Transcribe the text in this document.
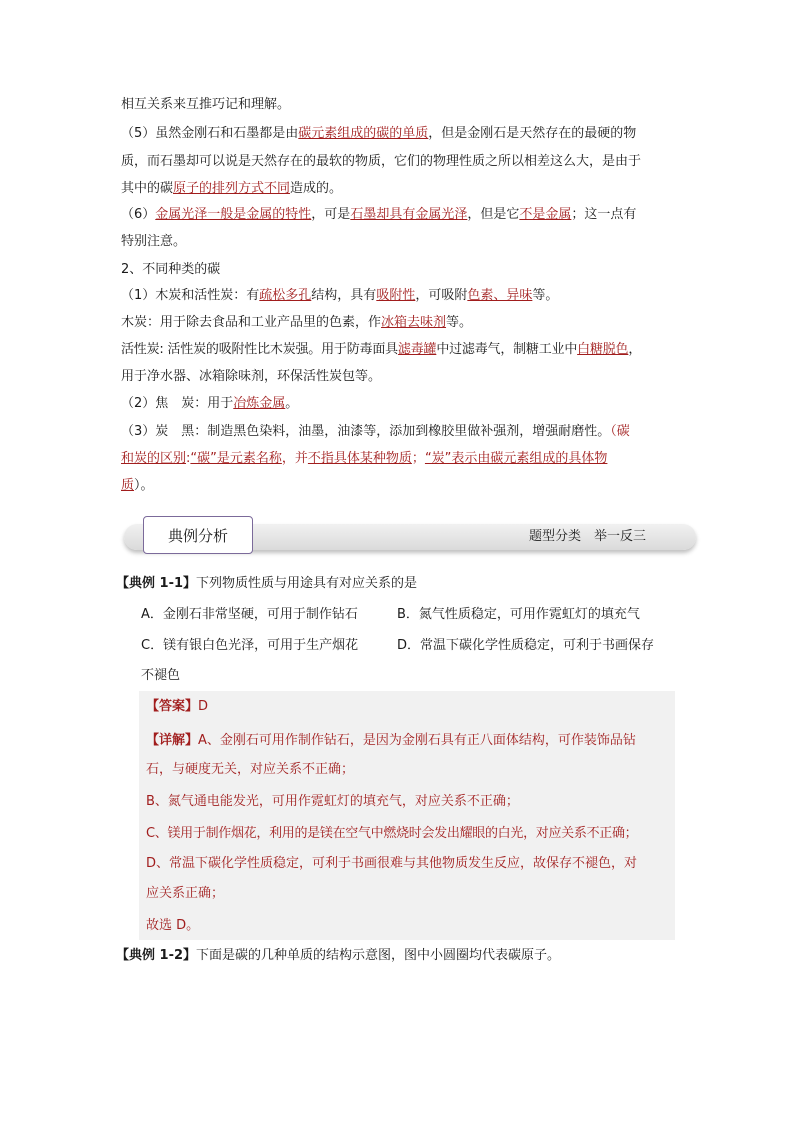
相互关系来互推巧记和理解。
（5）虽然金刚石和石墨都是由碳元素组成的碳的单质，但是金刚石是天然存在的最硬的物
质，而石墨却可以说是天然存在的最软的物质，它们的物理性质之所以相差这么大，是由于
其中的碳原子的排列方式不同造成的。
（6）金属光泽一般是金属的特性，可是石墨却具有金属光泽，但是它不是金属；这一点有
特别注意。
2、不同种类的碳
（1）木炭和活性炭：有疏松多孔结构，具有吸附性，可吸附色素、异味等。
木炭：用于除去食品和工业产品里的色素，作冰箱去味剂等。
活性炭: 活性炭的吸附性比木炭强。用于防毒面具滤毒罐中过滤毒气，制糖工业中白糖脱色，
用于净水器、冰箱除味剂，环保活性炭包等。
（2）焦　炭：用于冶炼金属。
（3）炭　黑：制造黑色染料，油墨，油漆等，添加到橡胶里做补强剂，增强耐磨性。（碳
和炭的区别:“碳”是元素名称，并不指具体某种物质；“炭”表示由碳元素组成的具体物
质）。
典例分析	题型分类　举一反三
【典例 1-1】下列物质性质与用途具有对应关系的是
A．金刚石非常坚硬，可用于制作钻石	B．氮气性质稳定，可用作霓虹灯的填充气
C．镁有银白色光泽，可用于生产烟花	D．常温下碳化学性质稳定，可利于书画保存
不褪色
【答案】D
【详解】A、金刚石可用作制作钻石，是因为金刚石具有正八面体结构，可作装饰品钻
石，与硬度无关，对应关系不正确；
B、氮气通电能发光，可用作霓虹灯的填充气，对应关系不正确；
C、镁用于制作烟花，利用的是镁在空气中燃烧时会发出耀眼的白光，对应关系不正确；
D、常温下碳化学性质稳定，可利于书画很难与其他物质发生反应，故保存不褪色，对
应关系正确；
故选 D。
【典例 1-2】下面是碳的几种单质的结构示意图，图中小圆圈均代表碳原子。
